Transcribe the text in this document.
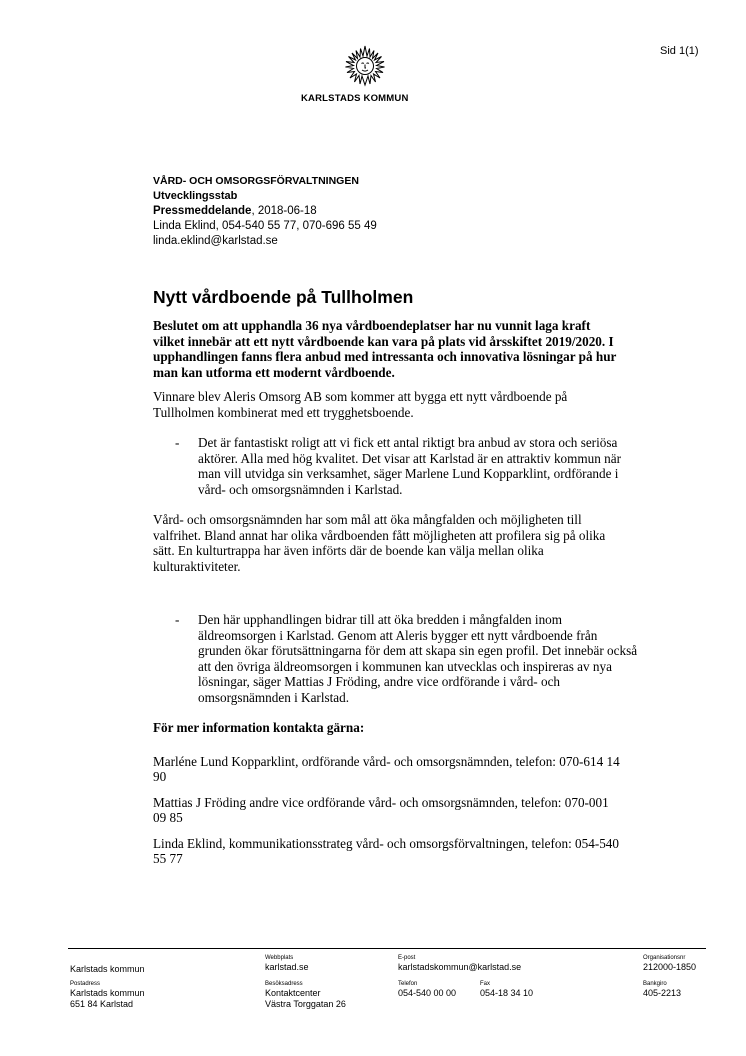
Sid 1(1)
KARLSTADS KOMMUN
VÅRD- OCH OMSORGSFÖRVALTNINGEN
Utvecklingsstab
Pressmeddelande, 2018-06-18
Linda Eklind, 054-540 55 77, 070-696 55 49
linda.eklind@karlstad.se
Nytt vårdboende på Tullholmen

Beslutet om att upphandla 36 nya vårdboendeplatser har nu vunnit laga kraft vilket innebär att ett nytt vårdboende kan vara på plats vid årsskiftet 2019/2020. I upphandlingen fanns flera anbud med intressanta och innovativa lösningar på hur man kan utforma ett modernt vårdboende.

Vinnare blev Aleris Omsorg AB som kommer att bygga ett nytt vårdboende på Tullholmen kombinerat med ett trygghetsboende.

- Det är fantastiskt roligt att vi fick ett antal riktigt bra anbud av stora och seriösa aktörer. Alla med hög kvalitet. Det visar att Karlstad är en attraktiv kommun när man vill utvidga sin verksamhet, säger Marlene Lund Kopparklint, ordförande i vård- och omsorgsnämnden i Karlstad.

Vård- och omsorgsnämnden har som mål att öka mångfalden och möjligheten till valfrihet. Bland annat har olika vårdboenden fått möjligheten att profilera sig på olika sätt. En kulturtrappa har även införts där de boende kan välja mellan olika kulturaktiviteter.

- Den här upphandlingen bidrar till att öka bredden i mångfalden inom äldreomsorgen i Karlstad. Genom att Aleris bygger ett nytt vårdboende från grunden ökar förutsättningarna för dem att skapa sin egen profil. Det innebär också att den övriga äldreomsorgen i kommunen kan utvecklas och inspireras av nya lösningar, säger Mattias J Fröding, andre vice ordförande i vård- och omsorgsnämnden i Karlstad.

För mer information kontakta gärna:

Marléne Lund Kopparklint, ordförande vård- och omsorgsnämnden, telefon: 070-614 14 90

Mattias J Fröding andre vice ordförande vård- och omsorgsnämnden, telefon: 070-001 09 85

Linda Eklind, kommunikationsstrateg vård- och omsorgsförvaltningen, telefon: 054-540 55 77

Karlstads kommun
Webbplats
karlstad.se
E-post
karlstadskommun@karlstad.se
Organisationsnr
212000-1850
Postadress
Karlstads kommun
651 84 Karlstad
Besöksadress
Kontaktcenter
Västra Torggatan 26
Telefon
054-540 00 00
Fax
054-18 34 10
Bankgiro
405-2213
